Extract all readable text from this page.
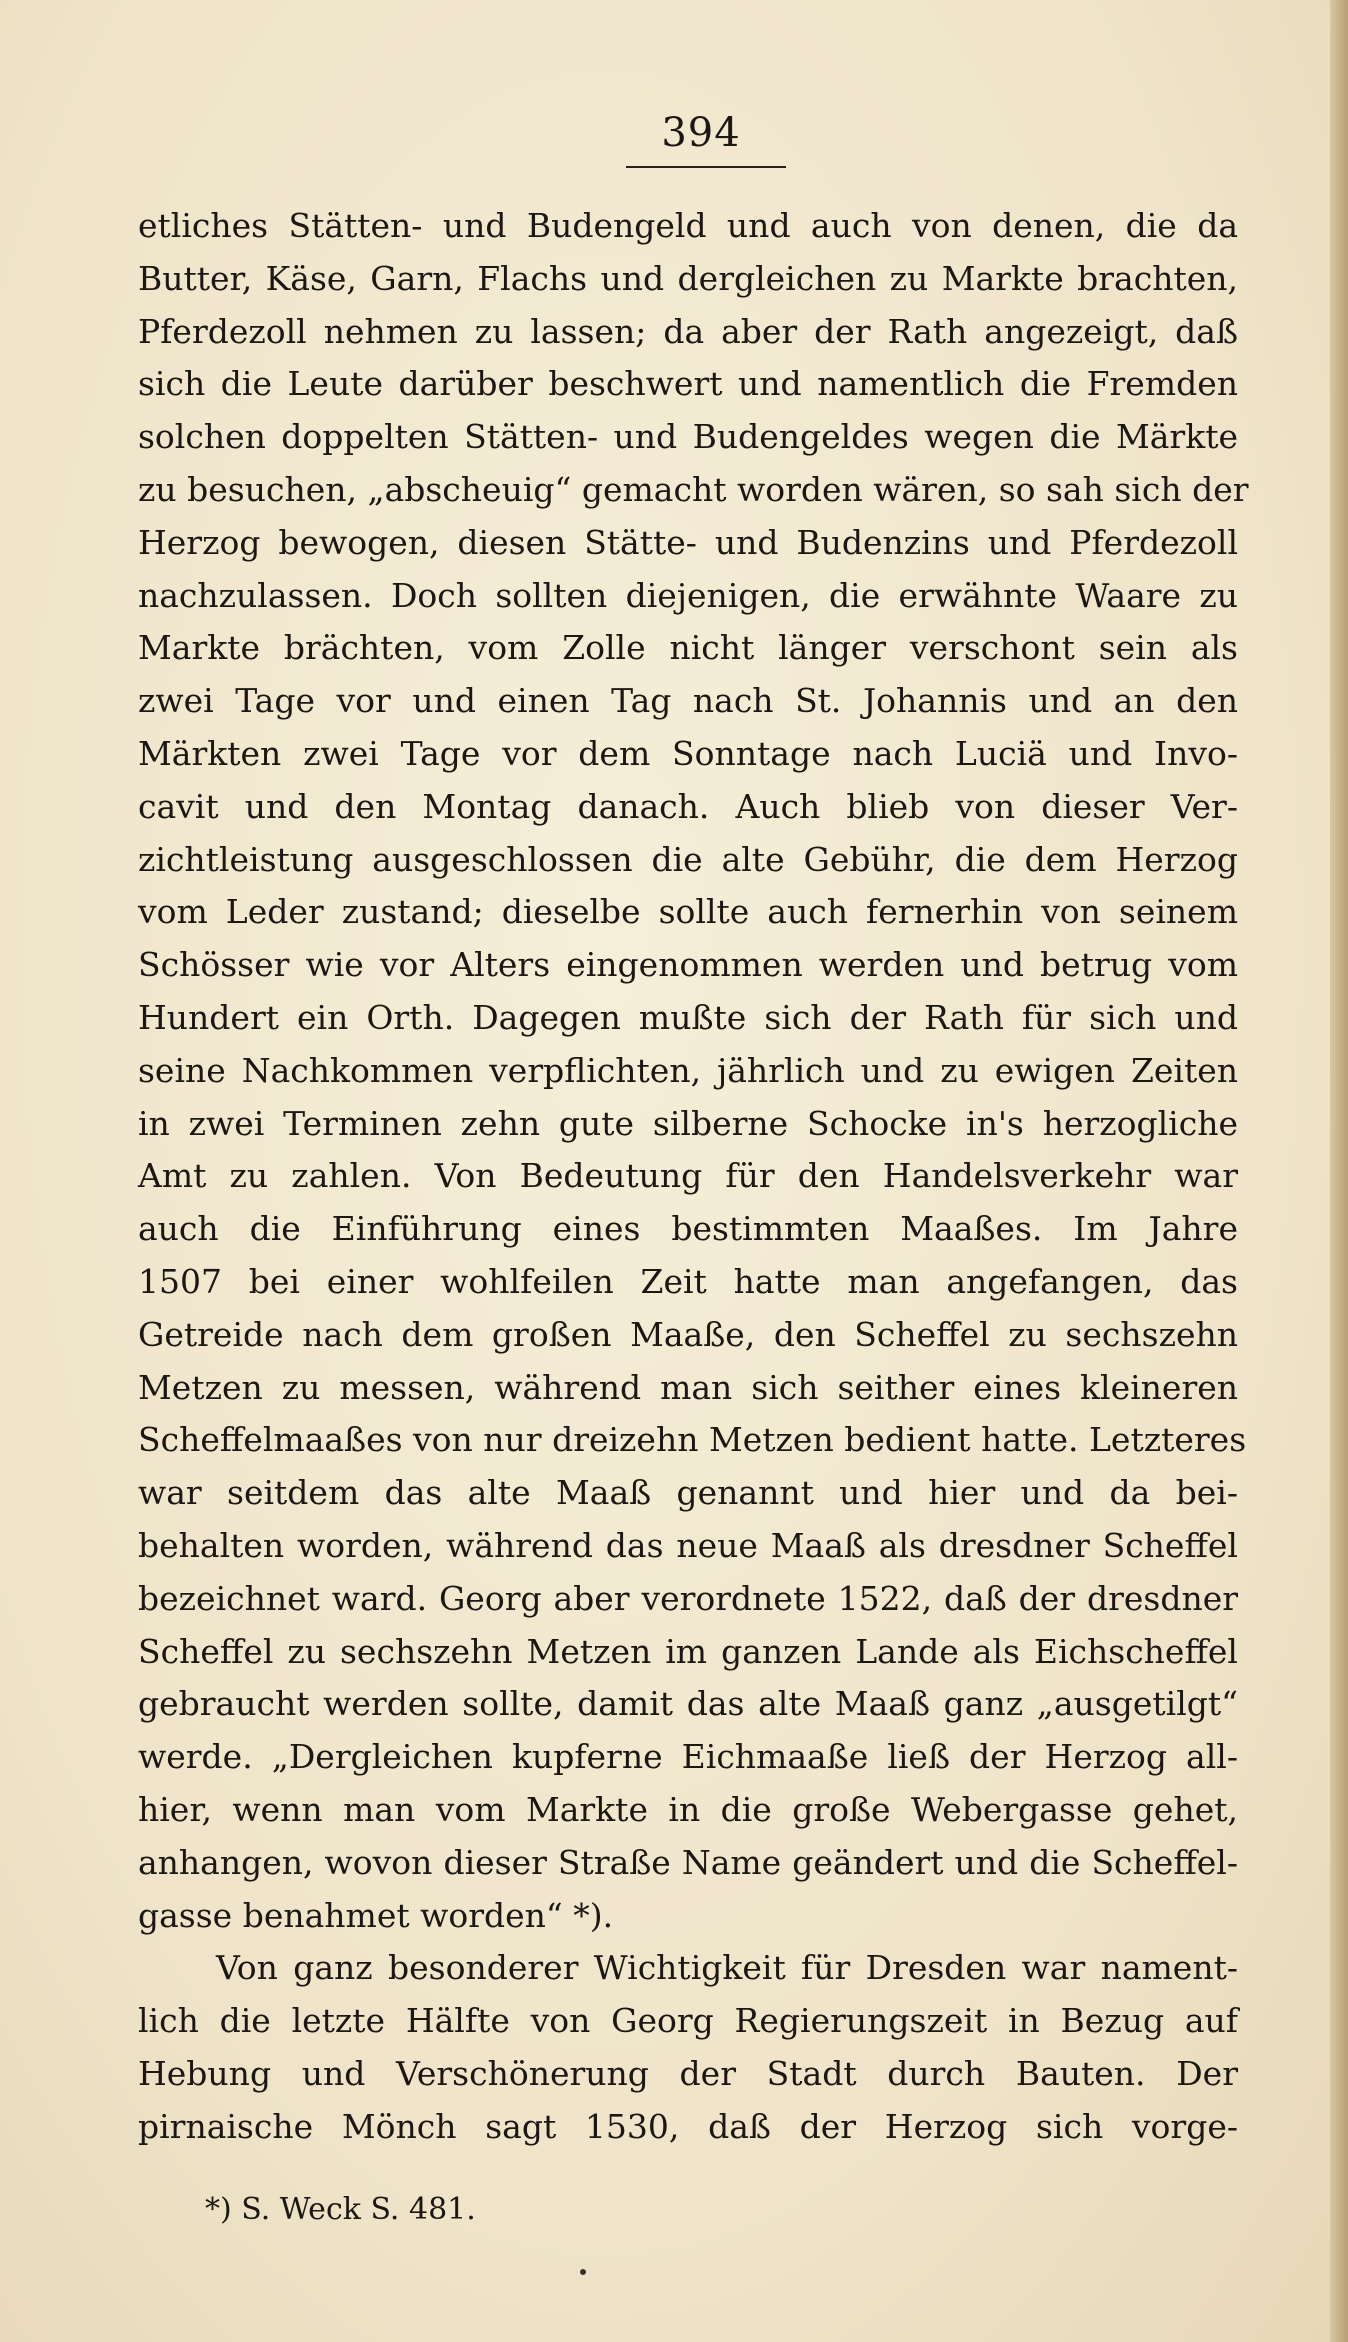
394
etliches Stätten- und Budengeld und auch von denen, die da
Butter, Käse, Garn, Flachs und dergleichen zu Markte brachten,
Pferdezoll nehmen zu lassen; da aber der Rath angezeigt, daß
sich die Leute darüber beschwert und namentlich die Fremden
solchen doppelten Stätten- und Budengeldes wegen die Märkte
zu besuchen, „abscheuig“ gemacht worden wären, so sah sich der
Herzog bewogen, diesen Stätte- und Budenzins und Pferdezoll
nachzulassen. Doch sollten diejenigen, die erwähnte Waare zu
Markte brächten, vom Zolle nicht länger verschont sein als
zwei Tage vor und einen Tag nach St. Johannis und an den
Märkten zwei Tage vor dem Sonntage nach Luciä und Invo-
cavit und den Montag danach. Auch blieb von dieser Ver-
zichtleistung ausgeschlossen die alte Gebühr, die dem Herzog
vom Leder zustand; dieselbe sollte auch fernerhin von seinem
Schösser wie vor Alters eingenommen werden und betrug vom
Hundert ein Orth. Dagegen mußte sich der Rath für sich und
seine Nachkommen verpflichten, jährlich und zu ewigen Zeiten
in zwei Terminen zehn gute silberne Schocke in's herzogliche
Amt zu zahlen. Von Bedeutung für den Handelsverkehr war
auch die Einführung eines bestimmten Maaßes. Im Jahre
1507 bei einer wohlfeilen Zeit hatte man angefangen, das
Getreide nach dem großen Maaße, den Scheffel zu sechszehn
Metzen zu messen, während man sich seither eines kleineren
Scheffelmaaßes von nur dreizehn Metzen bedient hatte. Letzteres
war seitdem das alte Maaß genannt und hier und da bei-
behalten worden, während das neue Maaß als dresdner Scheffel
bezeichnet ward. Georg aber verordnete 1522, daß der dresdner
Scheffel zu sechszehn Metzen im ganzen Lande als Eichscheffel
gebraucht werden sollte, damit das alte Maaß ganz „ausgetilgt“
werde. „Dergleichen kupferne Eichmaaße ließ der Herzog all-
hier, wenn man vom Markte in die große Webergasse gehet,
anhangen, wovon dieser Straße Name geändert und die Scheffel-
gasse benahmet worden“ *).
Von ganz besonderer Wichtigkeit für Dresden war nament-
lich die letzte Hälfte von Georg Regierungszeit in Bezug auf
Hebung und Verschönerung der Stadt durch Bauten. Der
pirnaische Mönch sagt 1530, daß der Herzog sich vorge-
*) S. Weck S. 481.
